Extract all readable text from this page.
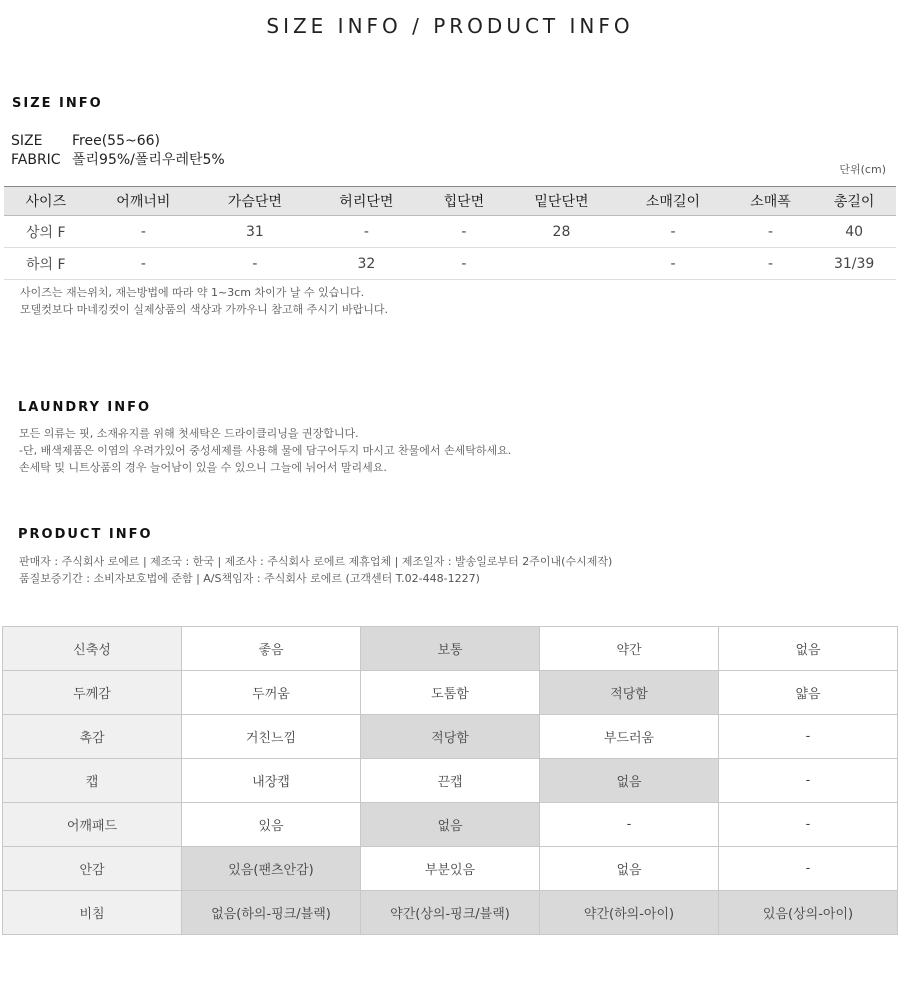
SIZE INFO / PRODUCT INFO
SIZE INFO
SIZE Free(55~66)
FABRIC 폴리95%/폴리우레탄5%
단위(cm)
사이즈	어깨너비	가슴단면	허리단면	힙단면	밑단단면	소매길이	소매폭	총길이
상의 F	-	31	-	-	28	-	-	40
하의 F	-	-	32	-		-	-	31/39
사이즈는 재는위치, 재는방법에 따라 약 1~3cm 차이가 날 수 있습니다.
모델컷보다 마네킹컷이 실제상품의 색상과 가까우니 참고해 주시기 바랍니다.
LAUNDRY INFO
모든 의류는 핏, 소재유지를 위해 첫세탁은 드라이클리닝을 권장합니다.
-단, 배색제품은 이염의 우려가있어 중성세제를 사용해 물에 담구어두지 마시고 찬물에서 손세탁하세요.
손세탁 및 니트상품의 경우 늘어남이 있을 수 있으니 그늘에 뉘어서 말리세요.
PRODUCT INFO
판매자 : 주식회사 로에르 | 제조국 : 한국 | 제조사 : 주식회사 로에르 제휴업체 | 제조일자 : 발송일로부터 2주이내(수시제작)
품질보증기간 : 소비자보호법에 준함 | A/S책임자 : 주식회사 로에르 (고객센터 T.02-448-1227)
신축성	좋음	보통	약간	없음
두께감	두꺼움	도톰함	적당함	얇음
촉감	거친느낌	적당함	부드러움	-
캡	내장캡	끈캡	없음	-
어깨패드	있음	없음	-	-
안감	있음(팬츠안감)	부분있음	없음	-
비침	없음(하의-핑크/블랙)	약간(상의-핑크/블랙)	약간(하의-아이)	있음(상의-아이)
